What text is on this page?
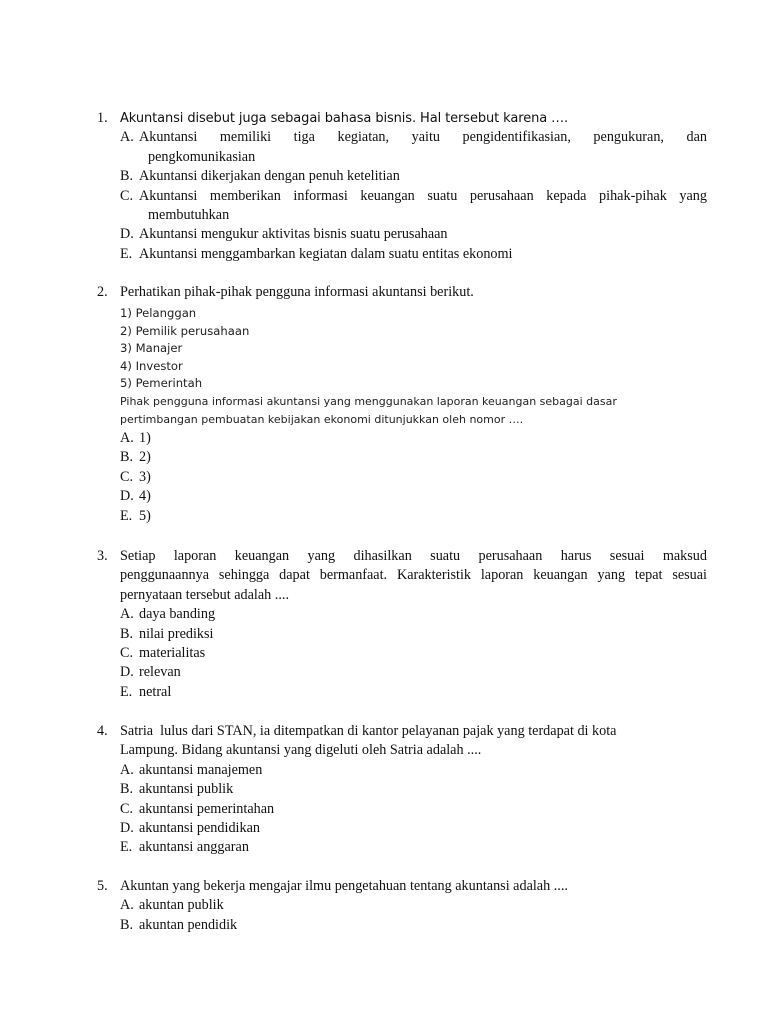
1. Akuntansi disebut juga sebagai bahasa bisnis. Hal tersebut karena ….
A. Akuntansi memiliki tiga kegiatan, yaitu pengidentifikasian, pengukuran, dan
pengkomunikasian
B. Akuntansi dikerjakan dengan penuh ketelitian
C. Akuntansi memberikan informasi keuangan suatu perusahaan kepada pihak-pihak yang
membutuhkan
D. Akuntansi mengukur aktivitas bisnis suatu perusahaan
E. Akuntansi menggambarkan kegiatan dalam suatu entitas ekonomi
2. Perhatikan pihak-pihak pengguna informasi akuntansi berikut.
1) Pelanggan
2) Pemilik perusahaan
3) Manajer
4) Investor
5) Pemerintah
Pihak pengguna informasi akuntansi yang menggunakan laporan keuangan sebagai dasar
pertimbangan pembuatan kebijakan ekonomi ditunjukkan oleh nomor ….
A. 1)
B. 2)
C. 3)
D. 4)
E. 5)
3. Setiap laporan keuangan yang dihasilkan suatu perusahaan harus sesuai maksud
penggunaannya sehingga dapat bermanfaat. Karakteristik laporan keuangan yang tepat sesuai
pernyataan tersebut adalah ....
A. daya banding
B. nilai prediksi
C. materialitas
D. relevan
E. netral
4. Satria  lulus dari STAN, ia ditempatkan di kantor pelayanan pajak yang terdapat di kota
Lampung. Bidang akuntansi yang digeluti oleh Satria adalah ....
A. akuntansi manajemen
B. akuntansi publik
C. akuntansi pemerintahan
D. akuntansi pendidikan
E. akuntansi anggaran
5. Akuntan yang bekerja mengajar ilmu pengetahuan tentang akuntansi adalah ....
A. akuntan publik
B. akuntan pendidik
